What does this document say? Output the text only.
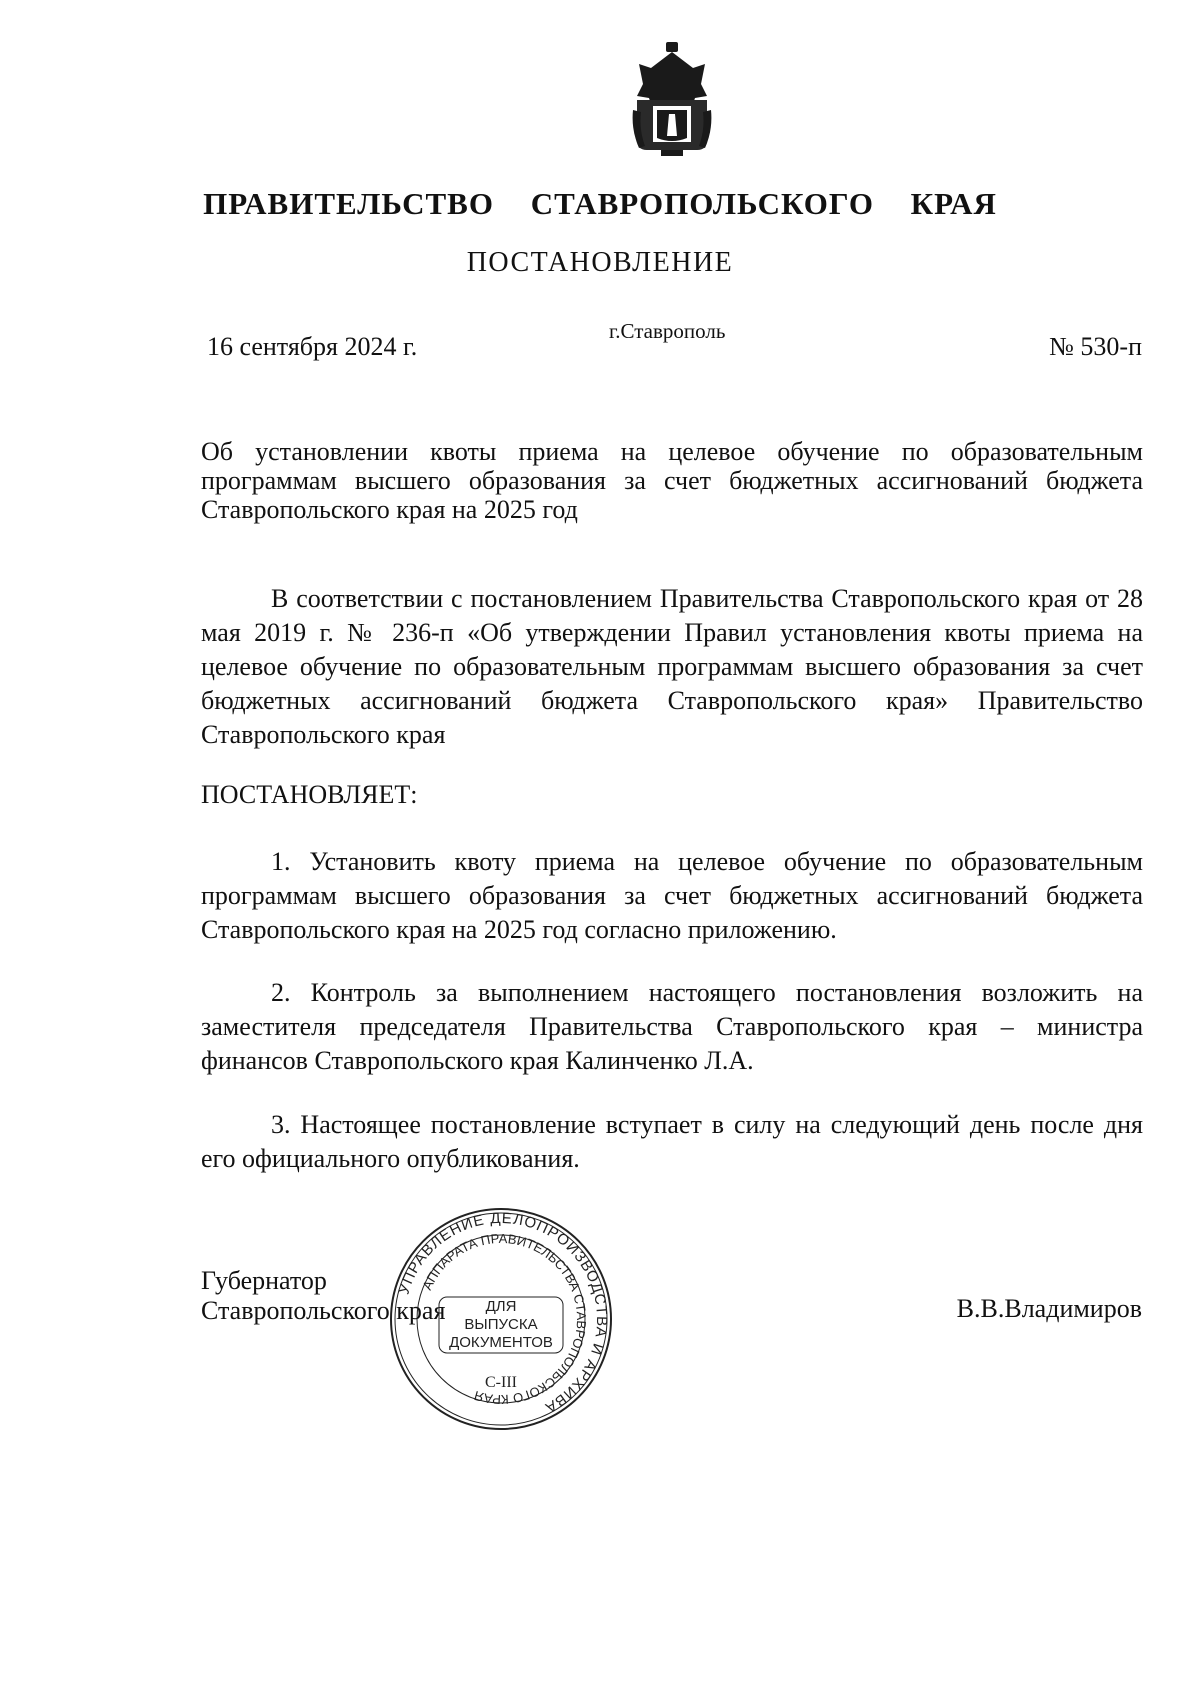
ПРАВИТЕЛЬСТВО СТАВРОПОЛЬСКОГО КРАЯ
ПОСТАНОВЛЕНИЕ
16 сентября 2024 г.
г.Ставрополь
№ 530-п
Об установлении квоты приема на целевое обучение по образовательным программам высшего образования за счет бюджетных ассигнований бюджета Ставропольского края на 2025 год
В соответствии с постановлением Правительства Ставропольского края от 28 мая 2019 г. № 236-п «Об утверждении Правил установления квоты приема на целевое обучение по образовательным программам высшего образования за счет бюджетных ассигнований бюджета Ставропольского края» Правительство Ставропольского края
ПОСТАНОВЛЯЕТ:
1. Установить квоту приема на целевое обучение по образовательным программам высшего образования за счет бюджетных ассигнований бюджета Ставропольского края на 2025 год согласно приложению.
2. Контроль за выполнением настоящего постановления возложить на заместителя председателя Правительства Ставропольского края – министра финансов Ставропольского края Калинченко Л.А.
3. Настоящее постановление вступает в силу на следующий день после дня его официального опубликования.
Губернатор
Ставропольского края	В.В.Владимиров
УПРАВЛЕНИЕ ДЕЛОПРОИЗВОДСТВА И АРХИВА
АППАРАТА ПРАВИТЕЛЬСТВА СТАВРОПОЛЬСКОГО КРАЯ
ДЛЯ
ВЫПУСКА
ДОКУМЕНТОВ
С-III
